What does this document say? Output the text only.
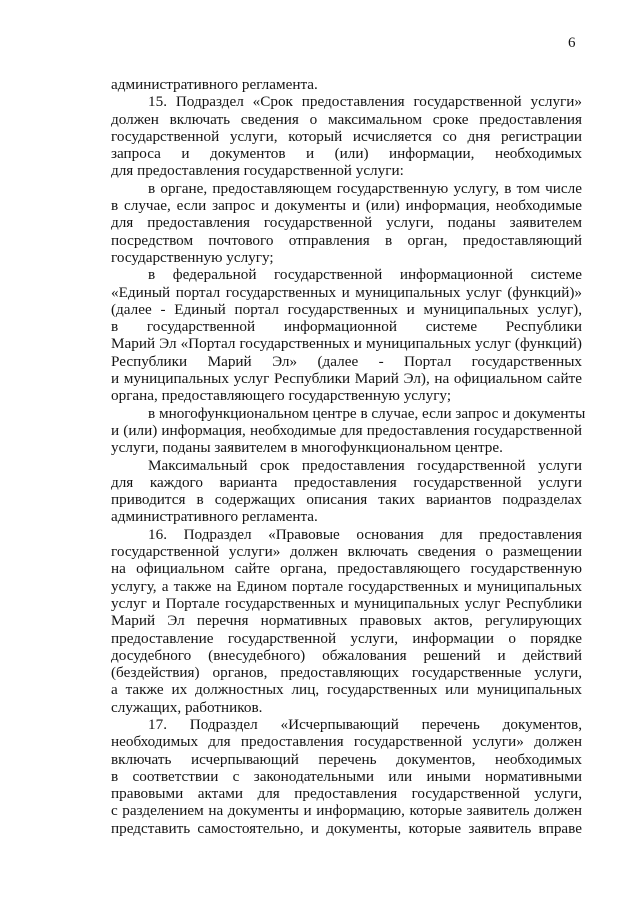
6
административного регламента.
15. Подраздел «Срок предоставления государственной услуги»
должен включать сведения о максимальном сроке предоставления
государственной услуги, который исчисляется со дня регистрации
запроса и документов и (или) информации, необходимых
для предоставления государственной услуги:
в органе, предоставляющем государственную услугу, в том числе
в случае, если запрос и документы и (или) информация, необходимые
для предоставления государственной услуги, поданы заявителем
посредством почтового отправления в орган, предоставляющий
государственную услугу;
в федеральной государственной информационной системе
«Единый портал государственных и муниципальных услуг (функций)»
(далее - Единый портал государственных и муниципальных услуг),
в государственной информационной системе Республики
Марий Эл «Портал государственных и муниципальных услуг (функций)
Республики Марий Эл» (далее - Портал государственных
и муниципальных услуг Республики Марий Эл), на официальном сайте
органа, предоставляющего государственную услугу;
в многофункциональном центре в случае, если запрос и документы
и (или) информация, необходимые для предоставления государственной
услуги, поданы заявителем в многофункциональном центре.
Максимальный срок предоставления государственной услуги
для каждого варианта предоставления государственной услуги
приводится в содержащих описания таких вариантов подразделах
административного регламента.
16. Подраздел «Правовые основания для предоставления
государственной услуги» должен включать сведения о размещении
на официальном сайте органа, предоставляющего государственную
услугу, а также на Едином портале государственных и муниципальных
услуг и Портале государственных и муниципальных услуг Республики
Марий Эл перечня нормативных правовых актов, регулирующих
предоставление государственной услуги, информации о порядке
досудебного (внесудебного) обжалования решений и действий
(бездействия) органов, предоставляющих государственные услуги,
а также их должностных лиц, государственных или муниципальных
служащих, работников.
17. Подраздел «Исчерпывающий перечень документов,
необходимых для предоставления государственной услуги» должен
включать исчерпывающий перечень документов, необходимых
в соответствии с законодательными или иными нормативными
правовыми актами для предоставления государственной услуги,
с разделением на документы и информацию, которые заявитель должен
представить самостоятельно, и документы, которые заявитель вправе
